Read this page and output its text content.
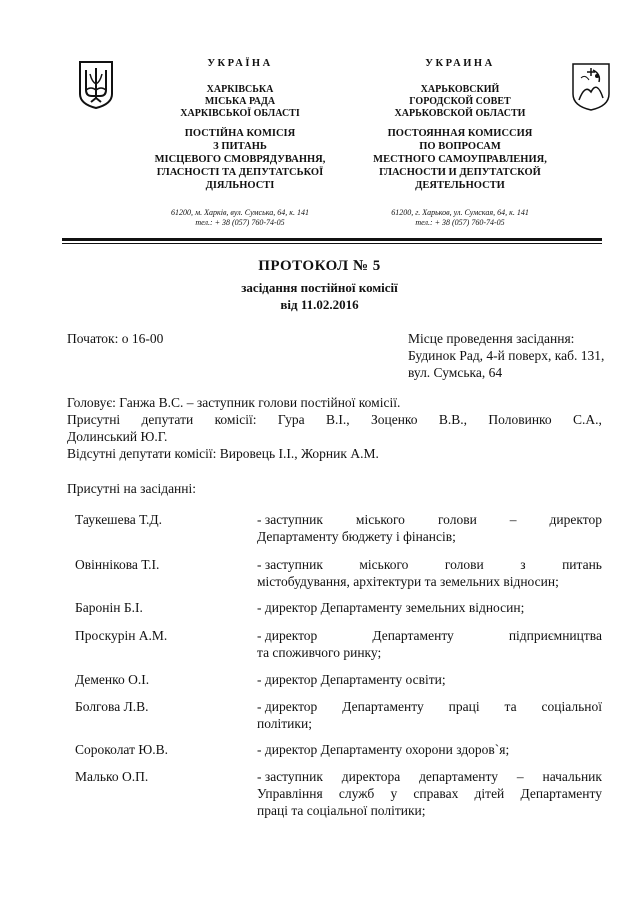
УКРАЇНА
ХАРКІВСЬКА
МІСЬКА РАДА
ХАРКІВСЬКОЇ ОБЛАСТІ
ПОСТІЙНА КОМІСІЯ
З ПИТАНЬ
МІСЦЕВОГО СМОВРЯДУВАННЯ,
ГЛАСНОСТІ ТА ДЕПУТАТСЬКОЇ
ДІЯЛЬНОСТІ
61200, м. Харків, вул. Сумська, 64, к. 141
тел.: + 38 (057) 760-74-05
УКРАИНА
ХАРЬКОВСКИЙ
ГОРОДСКОЙ СОВЕТ
ХАРЬКОВСКОЙ ОБЛАСТИ
ПОСТОЯННАЯ КОМИССИЯ
ПО ВОПРОСАМ
МЕСТНОГО САМОУПРАВЛЕНИЯ,
ГЛАСНОСТИ И ДЕПУТАТСКОЙ
ДЕЯТЕЛЬНОСТИ
61200, г. Харьков, ул. Сумская, 64, к. 141
тел.: + 38 (057) 760-74-05
ПРОТОКОЛ № 5
засідання постійної комісії
від 11.02.2016
Початок: о 16-00	Місце проведення засідання:
Будинок Рад, 4-й поверх, каб. 131,
вул. Сумська, 64
Головує: Ганжа В.С. – заступник голови постійної комісії.
Присутні депутати комісії: Гура В.І., Зоценко В.В., Половинко С.А.,
Долинський Ю.Г.
Відсутні депутати комісії: Вировець І.І., Жорник А.М.
Присутні на засіданні:
Таукешева Т.Д.	- заступник міського голови – директор
Департаменту бюджету і фінансів;
Овіннікова Т.І.	- заступник	міського	голови	з	питань
містобудування, архітектури та земельних відносин;
Баронін Б.І.	- директор Департаменту земельних відносин;
Проскурін А.М.	- директор	Департаменту	підприємництва
та споживчого ринку;
Деменко О.І.	- директор Департаменту освіти;
Болгова Л.В.	- директор Департаменту праці та соціальної
політики;
Сороколат Ю.В.	- директор Департаменту охорони здоров`я;
Малько О.П.	- заступник директора департаменту – начальник
Управління служб у справах дітей Департаменту
праці та соціальної політики;
